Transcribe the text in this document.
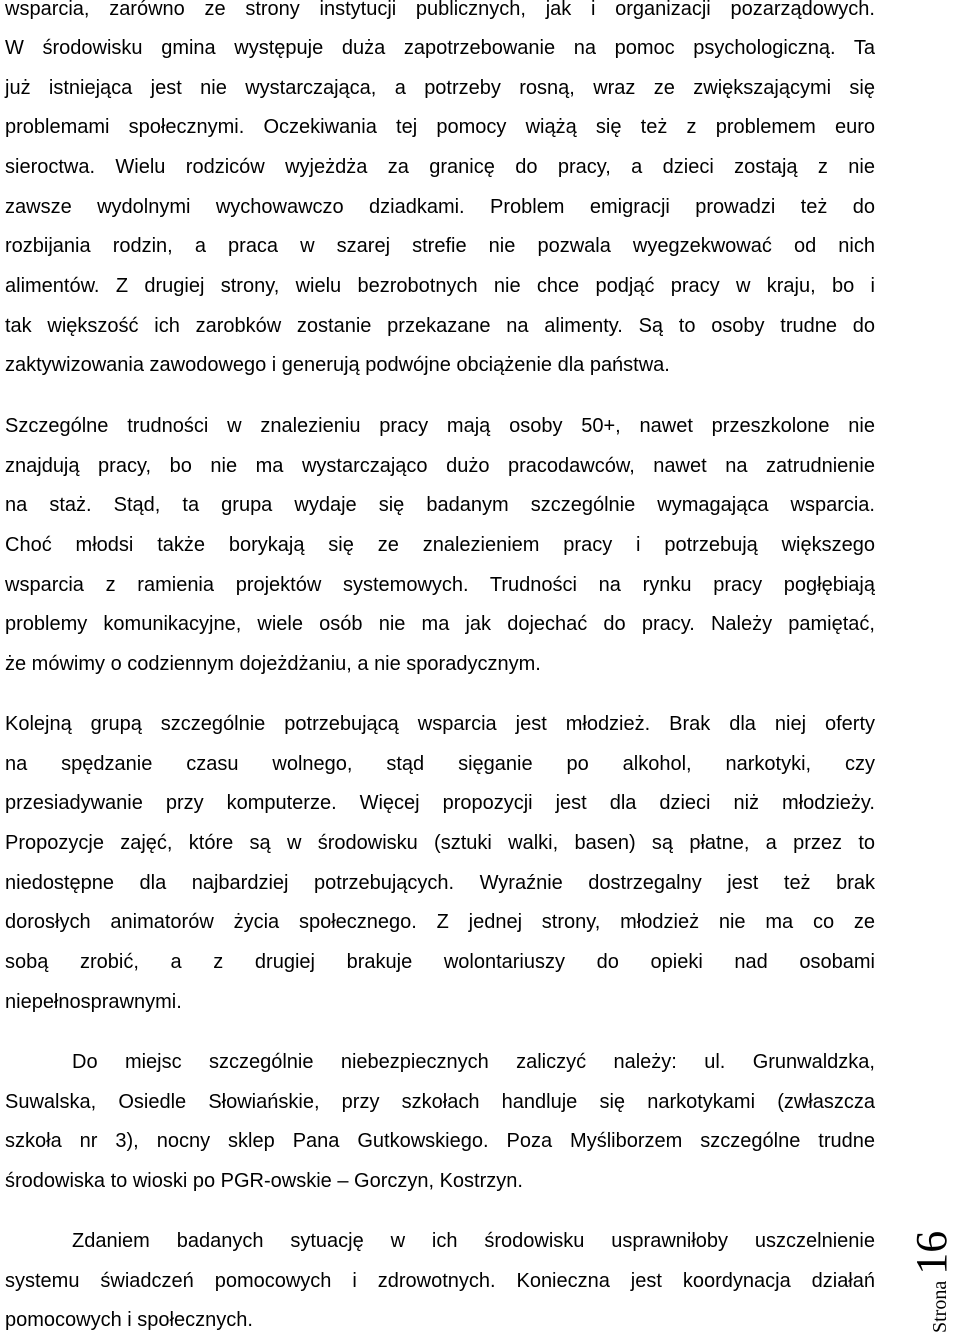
wsparcia, zarówno ze strony instytucji publicznych, jak i organizacji pozarządowych.

W środowisku gmina występuje duża zapotrzebowanie na pomoc psychologiczną. Ta

już istniejąca jest nie wystarczająca, a potrzeby rosną, wraz ze zwiększającymi się

problemami społecznymi. Oczekiwania tej pomocy wiążą się też z problemem euro

sieroctwa. Wielu rodziców wyjeżdża za granicę do pracy, a dzieci zostają z nie

zawsze wydolnymi wychowawczo dziadkami. Problem emigracji prowadzi też do

rozbijania rodzin, a praca w szarej strefie nie pozwala wyegzekwować od nich

alimentów. Z drugiej strony, wielu bezrobotnych nie chce podjąć pracy w kraju, bo i

tak większość ich zarobków zostanie przekazane na alimenty. Są to osoby trudne do

zaktywizowania zawodowego i generują podwójne obciążenie dla państwa.

Szczególne trudności w znalezieniu pracy mają osoby 50+, nawet przeszkolone nie

znajdują pracy, bo nie ma wystarczająco dużo pracodawców, nawet na zatrudnienie

na staż. Stąd, ta grupa wydaje się badanym szczególnie wymagająca wsparcia.

Choć młodsi także borykają się ze znalezieniem pracy i potrzebują większego

wsparcia z ramienia projektów systemowych. Trudności na rynku pracy pogłębiają

problemy komunikacyjne, wiele osób nie ma jak dojechać do pracy. Należy pamiętać,

że mówimy o codziennym dojeżdżaniu, a nie sporadycznym.

Kolejną grupą szczególnie potrzebującą wsparcia jest młodzież. Brak dla niej oferty

na spędzanie czasu wolnego, stąd sięganie po alkohol, narkotyki, czy

przesiadywanie przy komputerze. Więcej propozycji jest dla dzieci niż młodzieży.

Propozycje zajęć, które są w środowisku (sztuki walki, basen) są płatne, a przez to

niedostępne dla najbardziej potrzebujących. Wyraźnie dostrzegalny jest też brak

dorosłych animatorów życia społecznego. Z jednej strony, młodzież nie ma co ze

sobą zrobić, a z drugiej brakuje wolontariuszy do opieki nad osobami

niepełnosprawnymi.

Do miejsc szczególnie niebezpiecznych zaliczyć należy: ul. Grunwaldzka,

Suwalska, Osiedle Słowiańskie, przy szkołach handluje się narkotykami (zwłaszcza

szkoła nr 3), nocny sklep Pana Gutkowskiego. Poza Myśliborzem szczególne trudne

środowiska to wioski po PGR-owskie – Gorczyn, Kostrzyn.

Zdaniem badanych sytuację w ich środowisku usprawniłoby uszczelnienie

systemu świadczeń pomocowych i zdrowotnych. Konieczna jest koordynacja działań

pomocowych i społecznych.	Strona
16
